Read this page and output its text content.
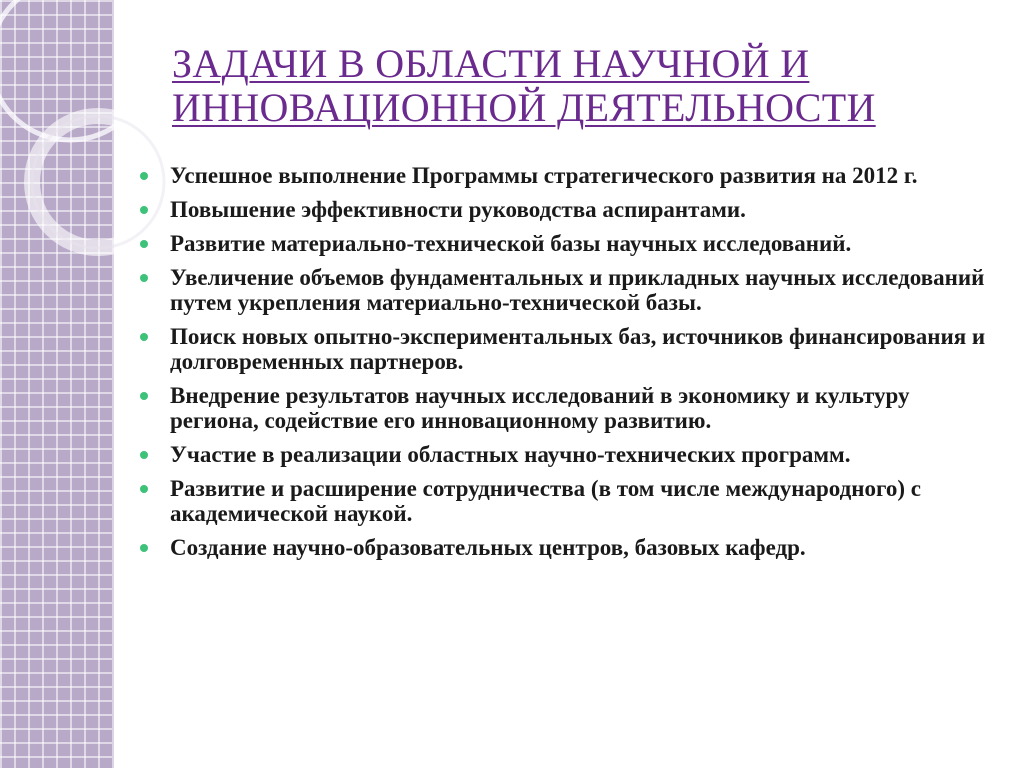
ЗАДАЧИ В ОБЛАСТИ НАУЧНОЙ И
ИННОВАЦИОННОЙ ДЕЯТЕЛЬНОСТИ
Успешное выполнение Программы стратегического развития на 2012 г.
Повышение эффективности руководства аспирантами.
Развитие материально-технической базы научных исследований.
Увеличение объемов фундаментальных и прикладных научных исследований путем укрепления материально-технической базы.
Поиск новых опытно-экспериментальных баз, источников финансирования и долговременных партнеров.
Внедрение результатов научных исследований в экономику и культуру региона, содействие его инновационному развитию.
Участие в реализации областных научно-технических программ.
Развитие и расширение сотрудничества (в том числе международного) с академической наукой.
Создание научно-образовательных центров, базовых кафедр.
